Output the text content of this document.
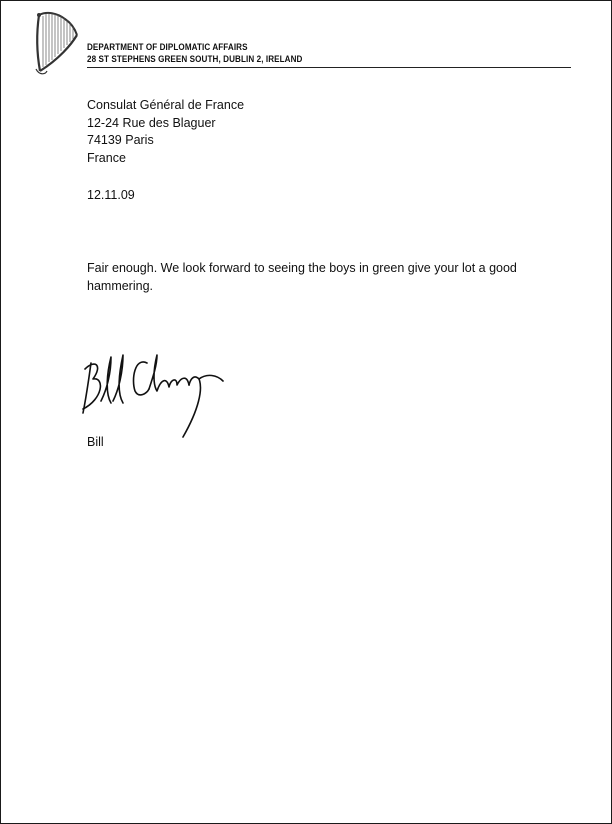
DEPARTMENT OF DIPLOMATIC AFFAIRS
28 ST STEPHENS GREEN SOUTH, DUBLIN 2, IRELAND
Consulat Général de France
12-24 Rue des Blaguer
74139 Paris
France
12.11.09
Fair enough. We look forward to seeing the boys in green give your lot a good
hammering.
Bill
